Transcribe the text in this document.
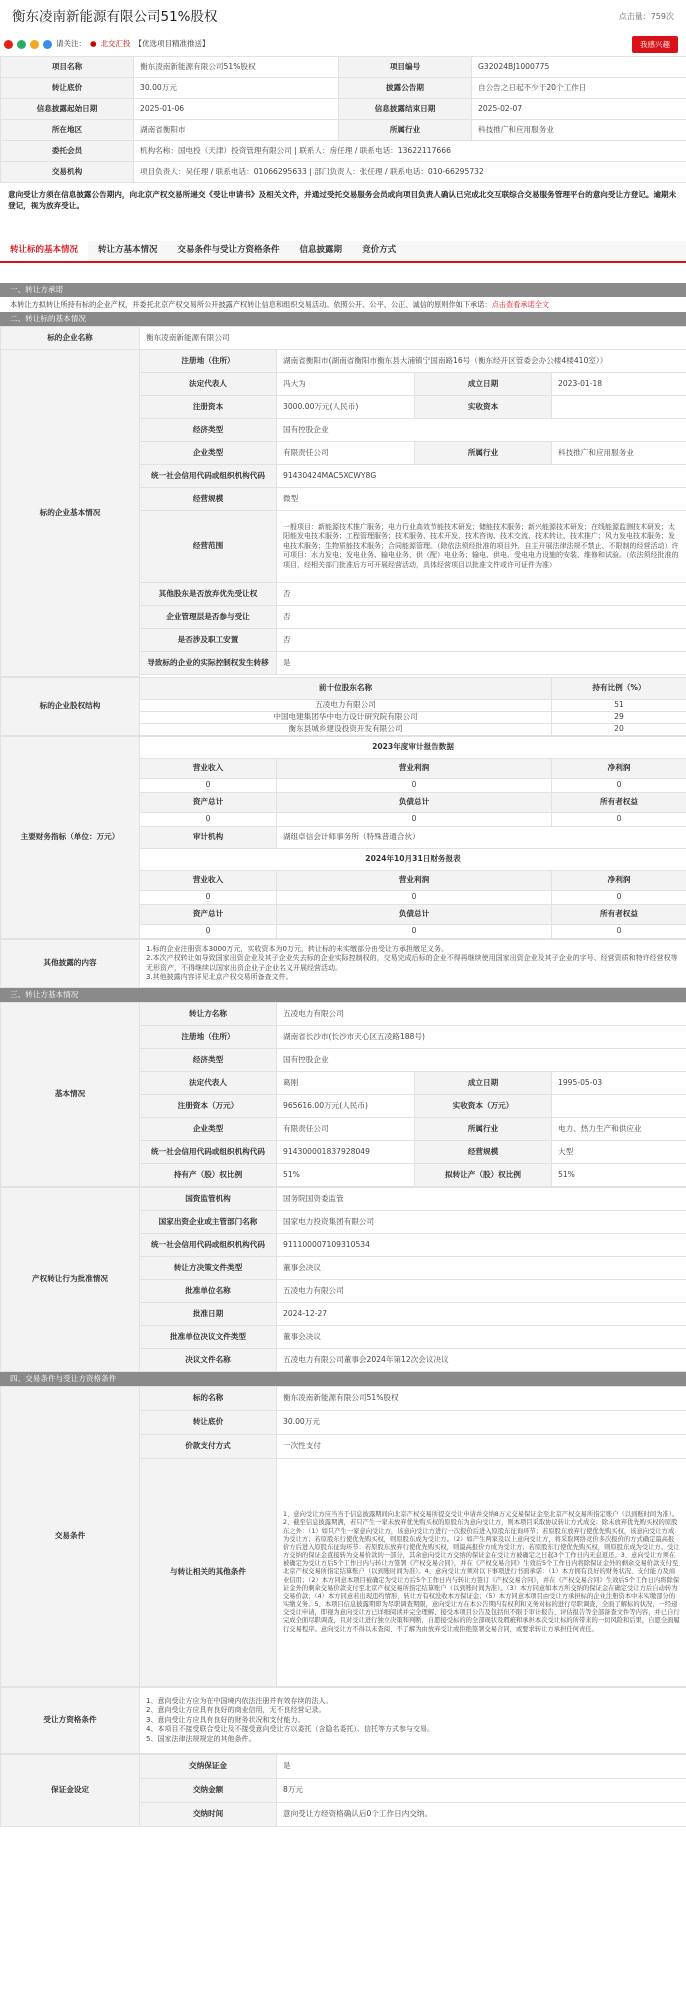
衡东凌南新能源有限公司51%股权	点击量：759次
请关注： ● 北交汇投 【优选项目精准推送】	我感兴趣
项目名称	衡东凌南新能源有限公司51%股权	项目编号	G32024BJ1000775
转让底价	30.00万元	披露公告期	自公告之日起不少于20个工作日
信息披露起始日期	2025-01-06	信息披露结束日期	2025-02-07
所在地区	湖南省衡阳市	所属行业	科技推广和应用服务业
委托会员	机构名称：国电投（天津）投资管理有限公司 | 联系人：房任理 / 联系电话：13622117666		
交易机构	项目负责人：吴任理 / 联系电话：01066295633 | 部门负责人：张任理 / 联系电话：010-66295732		
意向受让方须在信息披露公告期内，向北京产权交易所递交《受让申请书》及相关文件，并通过受托交易服务会员或向项目负责人确认已完成北交互联综合交易服务管理平台的意向受让方登记。逾期未登记，视为放弃受让。
转让标的基本情况	转让方基本情况	交易条件与受让方资格条件	信息披露期	竞价方式
一、转让方承诺
本转让方拟转让所持有标的企业产权，并委托北京产权交易所公开披露产权转让信息和组织交易活动。依照公开、公平、公正、诚信的原则作如下承诺：点击查看承诺全文
二、转让标的基本情况
标的企业名称	衡东凌南新能源有限公司			
标的企业基本情况	注册地（住所）	湖南省衡阳市(湖南省衡阳市衡东县大浦镇宁国南路16号（衡东经开区管委会办公楼4楼410室））		
	法定代表人	冯大为	成立日期	2023-01-18
	注册资本	3000.00万元(人民币)	实收资本	
	经济类型	国有控股企业		
	企业类型	有限责任公司	所属行业	科技推广和应用服务业
	统一社会信用代码或组织机构代码	91430424MAC5XCWY8G		
	经营规模	微型		
	经营范围	一般项目：新能源技术推广服务；电力行业高效节能技术研发；储能技术服务；新兴能源技术研发；在线能源监测技术研发；太阳能发电技术服务；工程管理服务；技术服务、技术开发、技术咨询、技术交流、技术转让、技术推广；风力发电技术服务；发电技术服务；生物质能技术服务；合同能源管理。（除依法须经批准的项目外，自主开展法律法规不禁止、不限制的经营活动）许可项目：水力发电；发电业务、输电业务、供（配）电业务；输电、供电、受电电力设施的安装、维修和试验。（依法须经批准的项目，经相关部门批准后方可开展经营活动，具体经营项目以批准文件或许可证件为准）		
	其他股东是否放弃优先受让权	否		
	企业管理层是否参与受让	否		
	是否涉及职工安置	否		
	导致标的企业的实际控制权发生转移	是		

标的企业股权结构	前十位股东名称	持有比例（%）
	五凌电力有限公司	51
	中国电建集团华中电力设计研究院有限公司	29
	衡东县城乡建设投资开发有限公司	20
主要财务指标（单位：万元）	2023年度审计报告数据		
	营业收入	营业利润	净利润
	0	0	0
	资产总计	负债总计	所有者权益
	0	0	0
	审计机构	湖组卓信会计师事务所（特殊普通合伙）	
	2024年10月31日财务报表		
	营业收入	营业利润	净利润
	0	0	0
	资产总计	负债总计	所有者权益
	0	0	0
其他披露的内容	
1.标的企业注册资本3000万元，实收资本为0万元，转让标的未实缴部分由受让方承担缴足义务。
2.本次产权转让如导致国家出资企业及其子企业失去标的企业实际控制权的，交易完成后标的企业不得再继续使用国家出资企业及其子企业的字号、经营资质和特许经营权等无形资产，不得继续以国家出资企业子企业名义开展经营活动。
3.其他披露内容详见北京产权交易所备查文件。
三、转让方基本情况
基本情况	转让方名称	五凌电力有限公司		
	注册地（住所）	湖南省长沙市(长沙市天心区五凌路188号)		
	经济类型	国有控股企业		
	法定代表人	葛刚	成立日期	1995-05-03
	注册资本（万元）	965616.00万元(人民币)	实收资本（万元）	
	企业类型	有限责任公司	所属行业	电力、热力生产和供应业
	统一社会信用代码或组织机构代码	914300001837928049	经营规模	大型
	持有产（股）权比例	51%	拟转让产（股）权比例	51%
产权转让行为批准情况	国资监管机构	国务院国资委监管
	国家出资企业或主管部门名称	国家电力投资集团有限公司
	统一社会信用代码或组织机构代码	911100007109310534
	转让方决策文件类型	董事会决议
	批准单位名称	五凌电力有限公司
	批准日期	2024-12-27
	批准单位决议文件类型	董事会决议
	决议文件名称	五凌电力有限公司董事会2024年第12次会议决议
四、交易条件与受让方资格条件
交易条件	标的名称	衡东凌南新能源有限公司51%股权
	转让底价	30.00万元
	价款支付方式	一次性支付
	与转让相关的其他条件	1、意向受让方应当当于信息披露期间向北京产权交易所提交受让申请并交纳8万元交易保证金至北京产权交易所指定账户（以到账时间为准）。2、截至信息披露期满，若只产生一家未放弃优先购买权的原股东为意向受让方，则本项目采取协议转让方式成交：除未放弃优先购买权的原股东之外：（1）如只产生一家意向受让方，该意向受让方进行一次报价后进入原股东征询环节；若原股东放弃行使优先购买权，该意向受让方成为受让方；若原股东行使优先购买权，则原股东成为受让方。（2）如产生两家及以上意向受让方，将采取网络竞价多次报价的方式确定最高报价方后进入原股东征询环节：若原股东放弃行使优先购买权，则最高报价方成为受让方；若原股东行使优先购买权，则原股东成为受让方。受让方交纳的保证金直接转为交易价款的一部分，其余意向受让方交纳的保证金在受让方被确定之日起3个工作日内无息返还。3、意向受让方须在被确定为受让方后5个工作日内与转让方签署《产权交易合同》，并在《产权交易合同》生效后5个工作日内将除保证金外的剩余交易价款支付至北京产权交易所指定结算账户（以到账时间为准）。4、意向受让方须对以下事项进行书面承诺：（1）本方拥有良好的财务状况、支付能力及商业信用；（2）本方同意本项目被确定为受让方后5个工作日内与转让方签订《产权交易合同》，并在《产权交易合同》生效后5个工作日内将除保证金外的剩余交易价款支付至北京产权交易所指定结算账户（以到账时间为准）。（3）本方同意如本方所交纳的保证金在确定受让方后自动转为交易价款；（4）本方同意若出现违约情形，转让方有权没收本方保证金；（5）本方同意本项目由受让方承担标的企业注册资本中未实缴部分的实缴义务。5、本项目信息披露期即为尽职调查期限，意向受让方在本公告期内有权利和义务对标的进行尽职调查，全面了解标的状况，一经递交受让申请，即视为意向受让方已详细阅读并完全理解、接受本项目公告及包括但不限于审计报告、评估报告等全部备查文件等内容，并已自行完成全面尽职调查，且对受让进行独立决策和判断，自愿接受标的的全部现状及瑕疵和承担本次受让标的所带来的一切风险和后果，自愿全面履行交易程序。意向受让方不得以未查阅、不了解为由放弃受让或拒绝签署交易合同，或要求转让方承担任何责任。
受让方资格条件	
1、意向受让方应为在中国境内依法注册并有效存续的法人。
2、意向受让方应具有良好的商业信用，无不良经营记录。
3、意向受让方应具有良好的财务状况和支付能力。
4、本项目不接受联合受让及不接受意向受让方以委托（含隐名委托）、信托等方式参与交易。
5、国家法律法规规定的其他条件。
保证金设定	交纳保证金	是
	交纳金额	8万元
	交纳时间	意向受让方经资格确认后0个工作日内交纳。
